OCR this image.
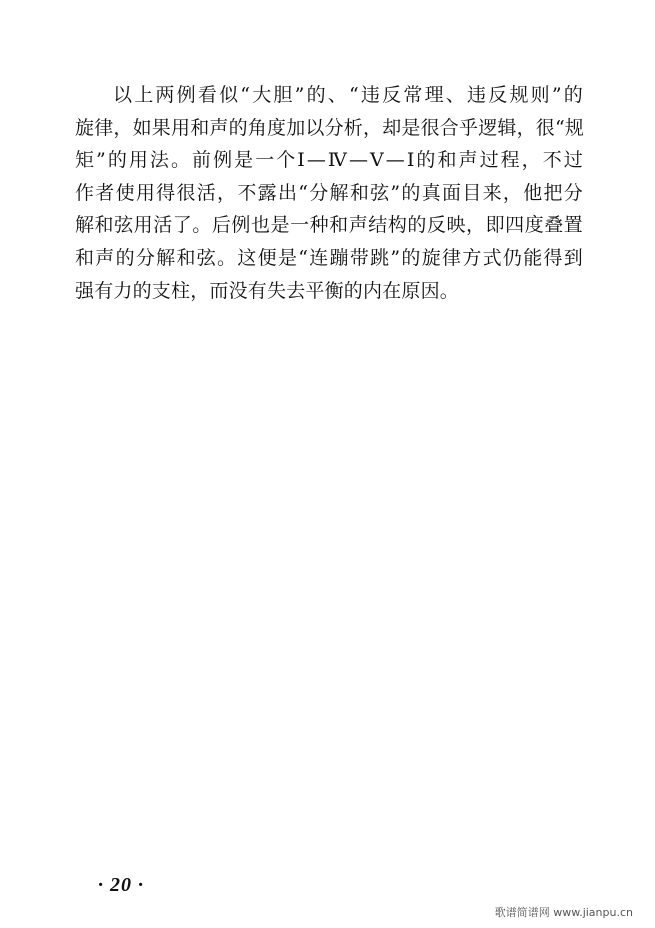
以上两例看似“大胆”的、“违反常理、违反规则”的
旋律，如果用和声的角度加以分析，却是很合乎逻辑，很“规
矩”的用法。前例是一个Ⅰ—Ⅳ—Ⅴ—Ⅰ的和声过程，不过
作者使用得很活，不露出“分解和弦”的真面目来，他把分
解和弦用活了。后例也是一种和声结构的反映，即四度叠置
和声的分解和弦。这便是“连蹦带跳”的旋律方式仍能得到
强有力的支柱，而没有失去平衡的内在原因。
· 20 ·
歌谱简谱网 www.jianpu.cn
